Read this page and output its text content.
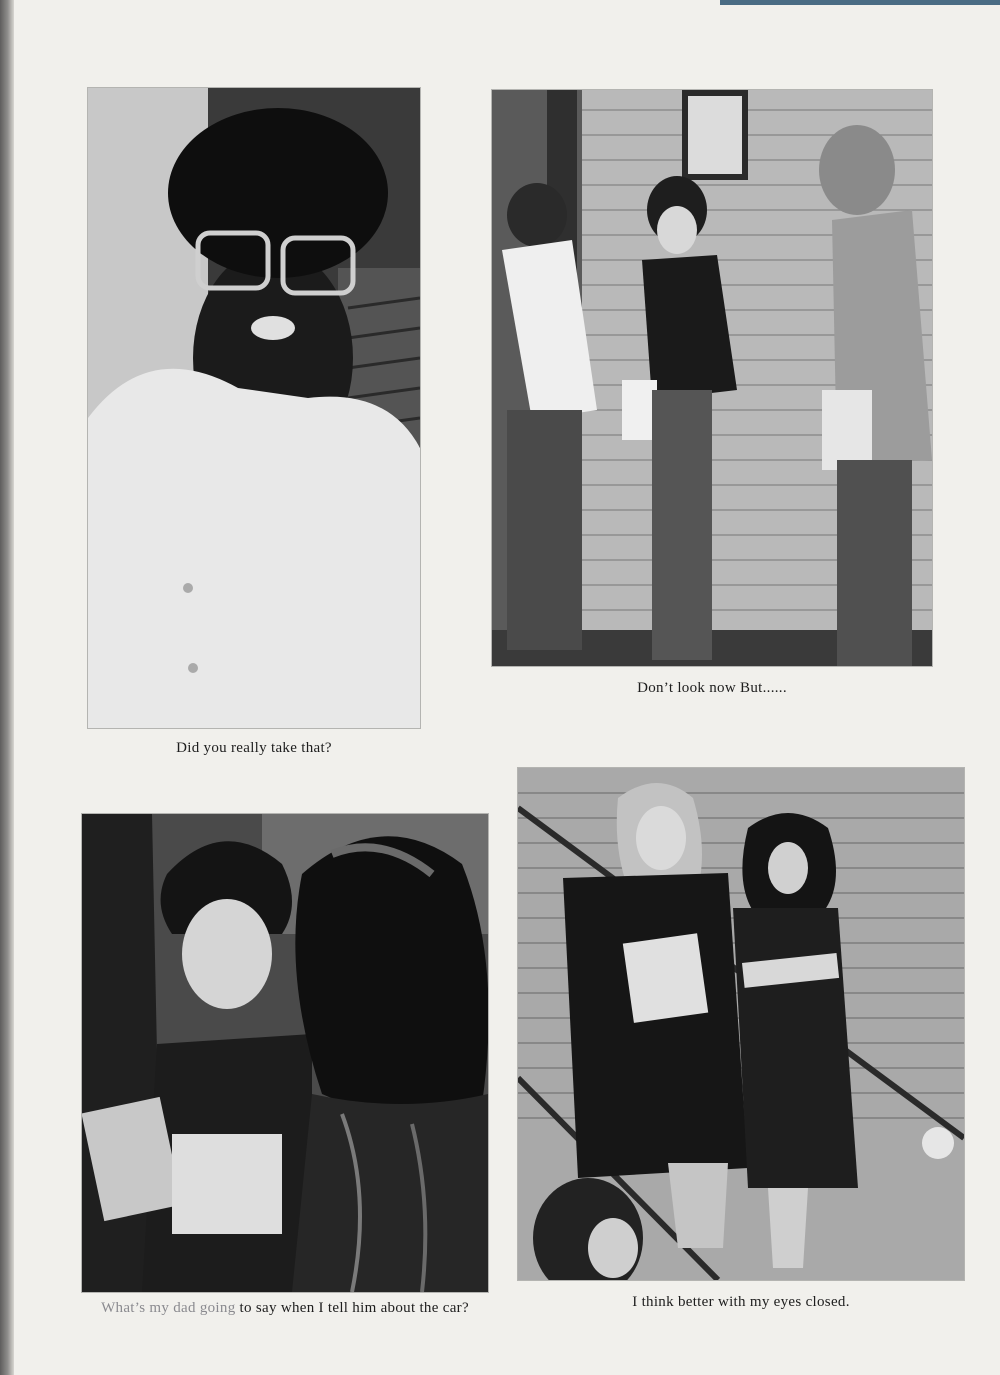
Did you really take that?
Don’t look now But......
What’s my dad going to say when I tell him about the car?	I think better with my eyes closed.
